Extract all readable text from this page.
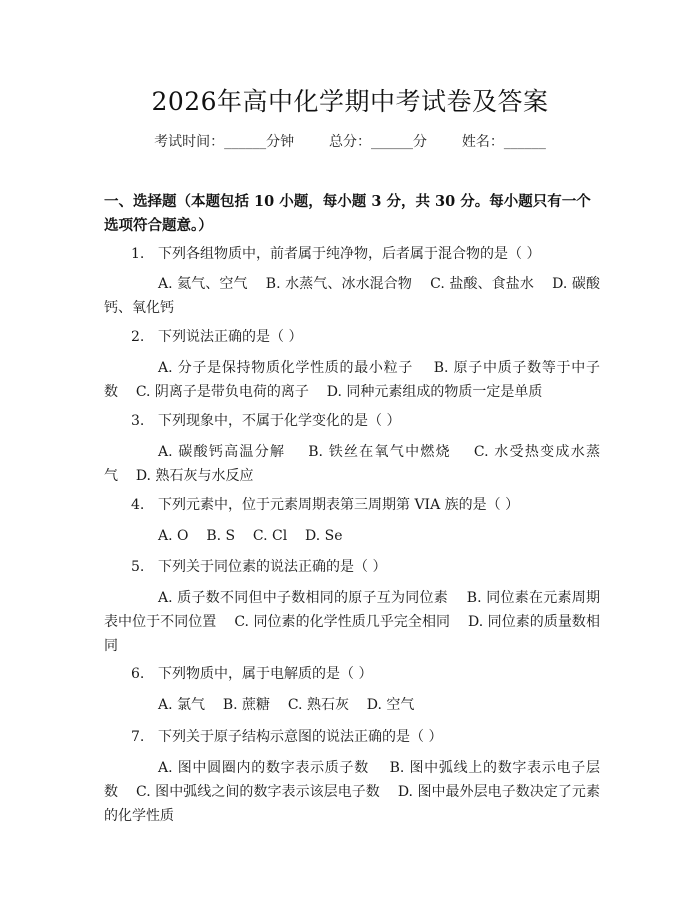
2026年高中化学期中考试卷及答案
考试时间：______分钟 总分：______分 姓名：______
一、选择题（本题包括 10 小题，每小题 3 分，共 30 分。每小题只有一个选项符合题意。）
1. 下列各组物质中，前者属于纯净物，后者属于混合物的是（ ）
A. 氦气、空气 B. 水蒸气、冰水混合物 C. 盐酸、食盐水 D. 碳酸钙、氧化钙
2. 下列说法正确的是（ ）
A. 分子是保持物质化学性质的最小粒子 B. 原子中质子数等于中子数 C. 阴离子是带负电荷的离子 D. 同种元素组成的物质一定是单质
3. 下列现象中，不属于化学变化的是（ ）
A. 碳酸钙高温分解 B. 铁丝在氧气中燃烧 C. 水受热变成水蒸气 D. 熟石灰与水反应
4. 下列元素中，位于元素周期表第三周期第 VIA 族的是（ ）
A. O B. S C. Cl D. Se
5. 下列关于同位素的说法正确的是（ ）
A. 质子数不同但中子数相同的原子互为同位素 B. 同位素在元素周期表中位于不同位置 C. 同位素的化学性质几乎完全相同 D. 同位素的质量数相同
6. 下列物质中，属于电解质的是（ ）
A. 氯气 B. 蔗糖 C. 熟石灰 D. 空气
7. 下列关于原子结构示意图的说法正确的是（ ）
A. 图中圆圈内的数字表示质子数 B. 图中弧线上的数字表示电子层数 C. 图中弧线之间的数字表示该层电子数 D. 图中最外层电子数决定了元素的化学性质
